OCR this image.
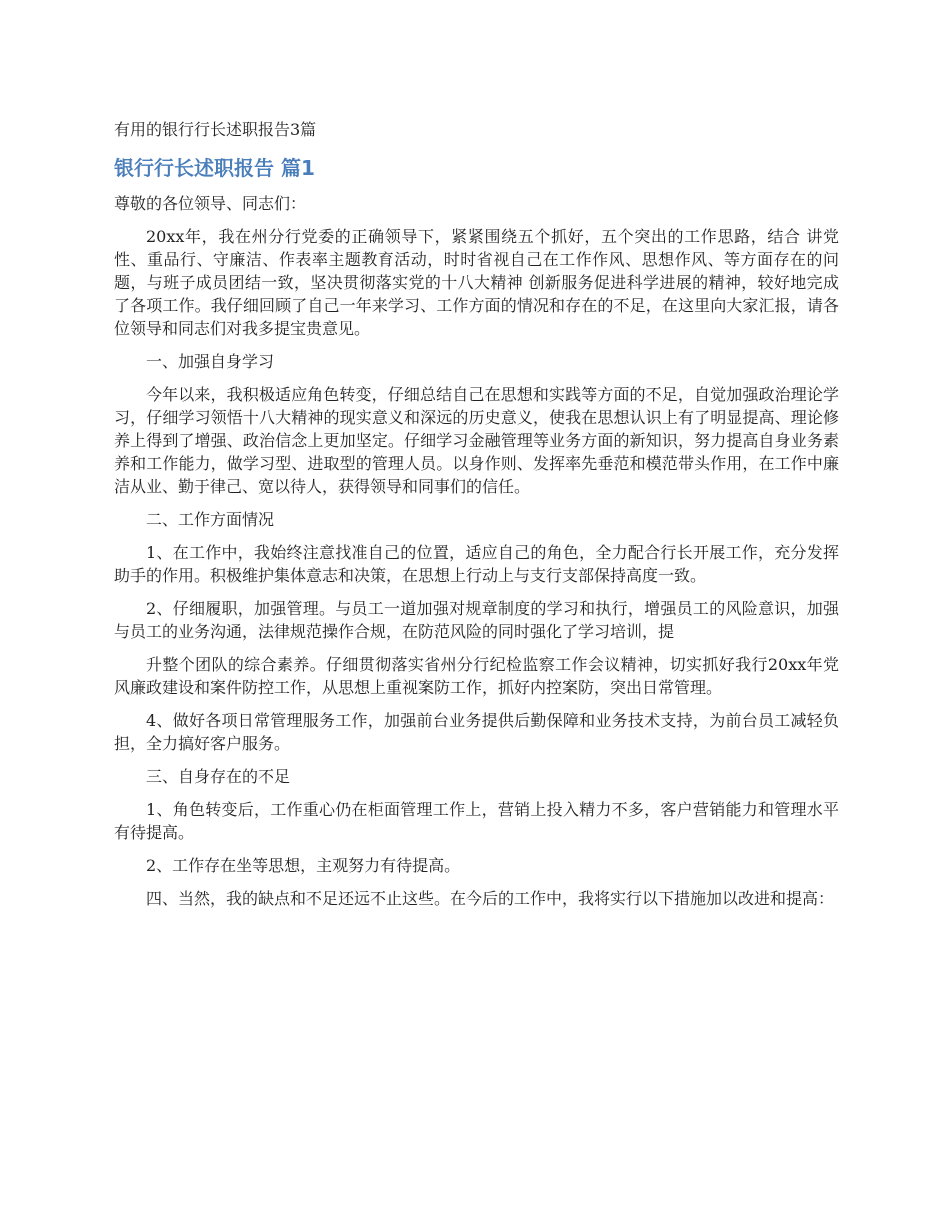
有用的银行行长述职报告3篇

银行行长述职报告 篇1

尊敬的各位领导、同志们：

20xx年，我在州分行党委的正确领导下，紧紧围绕五个抓好，五个突出的工作思路，结合 讲党性、重品行、守廉洁、作表率主题教育活动，时时省视自己在工作作风、思想作风、等方面存在的问题，与班子成员团结一致，坚决贯彻落实党的十八大精神 创新服务促进科学进展的精神，较好地完成了各项工作。我仔细回顾了自己一年来学习、工作方面的情况和存在的不足，在这里向大家汇报，请各位领导和同志们对我多提宝贵意见。

一、加强自身学习

今年以来，我积极适应角色转变，仔细总结自己在思想和实践等方面的不足，自觉加强政治理论学习，仔细学习领悟十八大精神的现实意义和深远的历史意义，使我在思想认识上有了明显提高、理论修养上得到了增强、政治信念上更加坚定。仔细学习金融管理等业务方面的新知识，努力提高自身业务素养和工作能力，做学习型、进取型的管理人员。以身作则、发挥率先垂范和模范带头作用，在工作中廉洁从业、勤于律己、宽以待人，获得领导和同事们的信任。

二、工作方面情况

1、在工作中，我始终注意找准自己的位置，适应自己的角色，全力配合行长开展工作，充分发挥助手的作用。积极维护集体意志和决策，在思想上行动上与支行支部保持高度一致。

2、仔细履职，加强管理。与员工一道加强对规章制度的学习和执行，增强员工的风险意识，加强与员工的业务沟通，法律规范操作合规，在防范风险的同时强化了学习培训，提

升整个团队的综合素养。仔细贯彻落实省州分行纪检监察工作会议精神，切实抓好我行20xx年党风廉政建设和案件防控工作，从思想上重视案防工作，抓好内控案防，突出日常管理。

4、做好各项日常管理服务工作，加强前台业务提供后勤保障和业务技术支持，为前台员工减轻负担，全力搞好客户服务。

三、自身存在的不足

1、角色转变后，工作重心仍在柜面管理工作上，营销上投入精力不多，客户营销能力和管理水平有待提高。

2、工作存在坐等思想，主观努力有待提高。

四、当然，我的缺点和不足还远不止这些。在今后的工作中，我将实行以下措施加以改进和提高：
